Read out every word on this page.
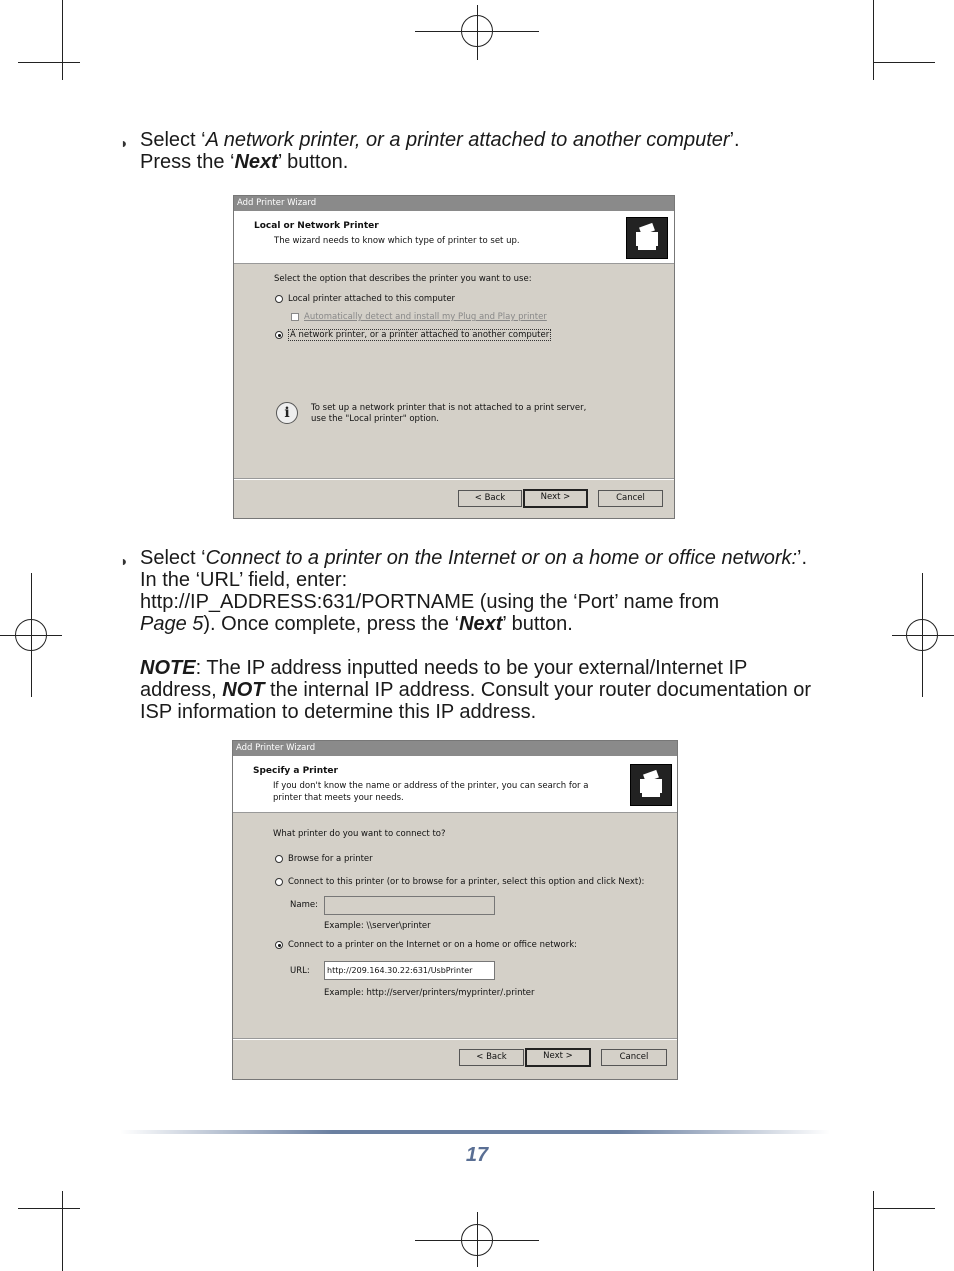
◗ Select ‘A network printer, or a printer attached to another computer’.

Press the ‘Next’ button.

Add Printer Wizard
Local or Network Printer
The wizard needs to know which type of printer to set up.
Select the option that describes the printer you want to use:
Local printer attached to this computer
Automatically detect and install my Plug and Play printer
A network printer, or a printer attached to another computer
i	To set up a network printer that is not attached to a print server, use the "Local printer" option.
< Back	Next >	Cancel
◗ Select ‘Connect to a printer on the Internet or on a home or office network:’. In the ‘URL’ field, enter:

http://IP_ADDRESS:631/PORTNAME (using the ‘Port’ name from

Page 5). Once complete, press the ‘Next’ button.

NOTE: The IP address inputted needs to be your external/Internet IP address, NOT the internal IP address. Consult your router documentation or ISP information to determine this IP address.

Add Printer Wizard
Specify a Printer
If you don't know the name or address of the printer, you can search for a printer that meets your needs.
What printer do you want to connect to?
Browse for a printer
Connect to this printer (or to browse for a printer, select this option and click Next):
Name:
Example: \\server\printer
Connect to a printer on the Internet or on a home or office network:
URL:	http://209.164.30.22:631/UsbPrinter
Example: http://server/printers/myprinter/.printer
< Back	Next >	Cancel
17
